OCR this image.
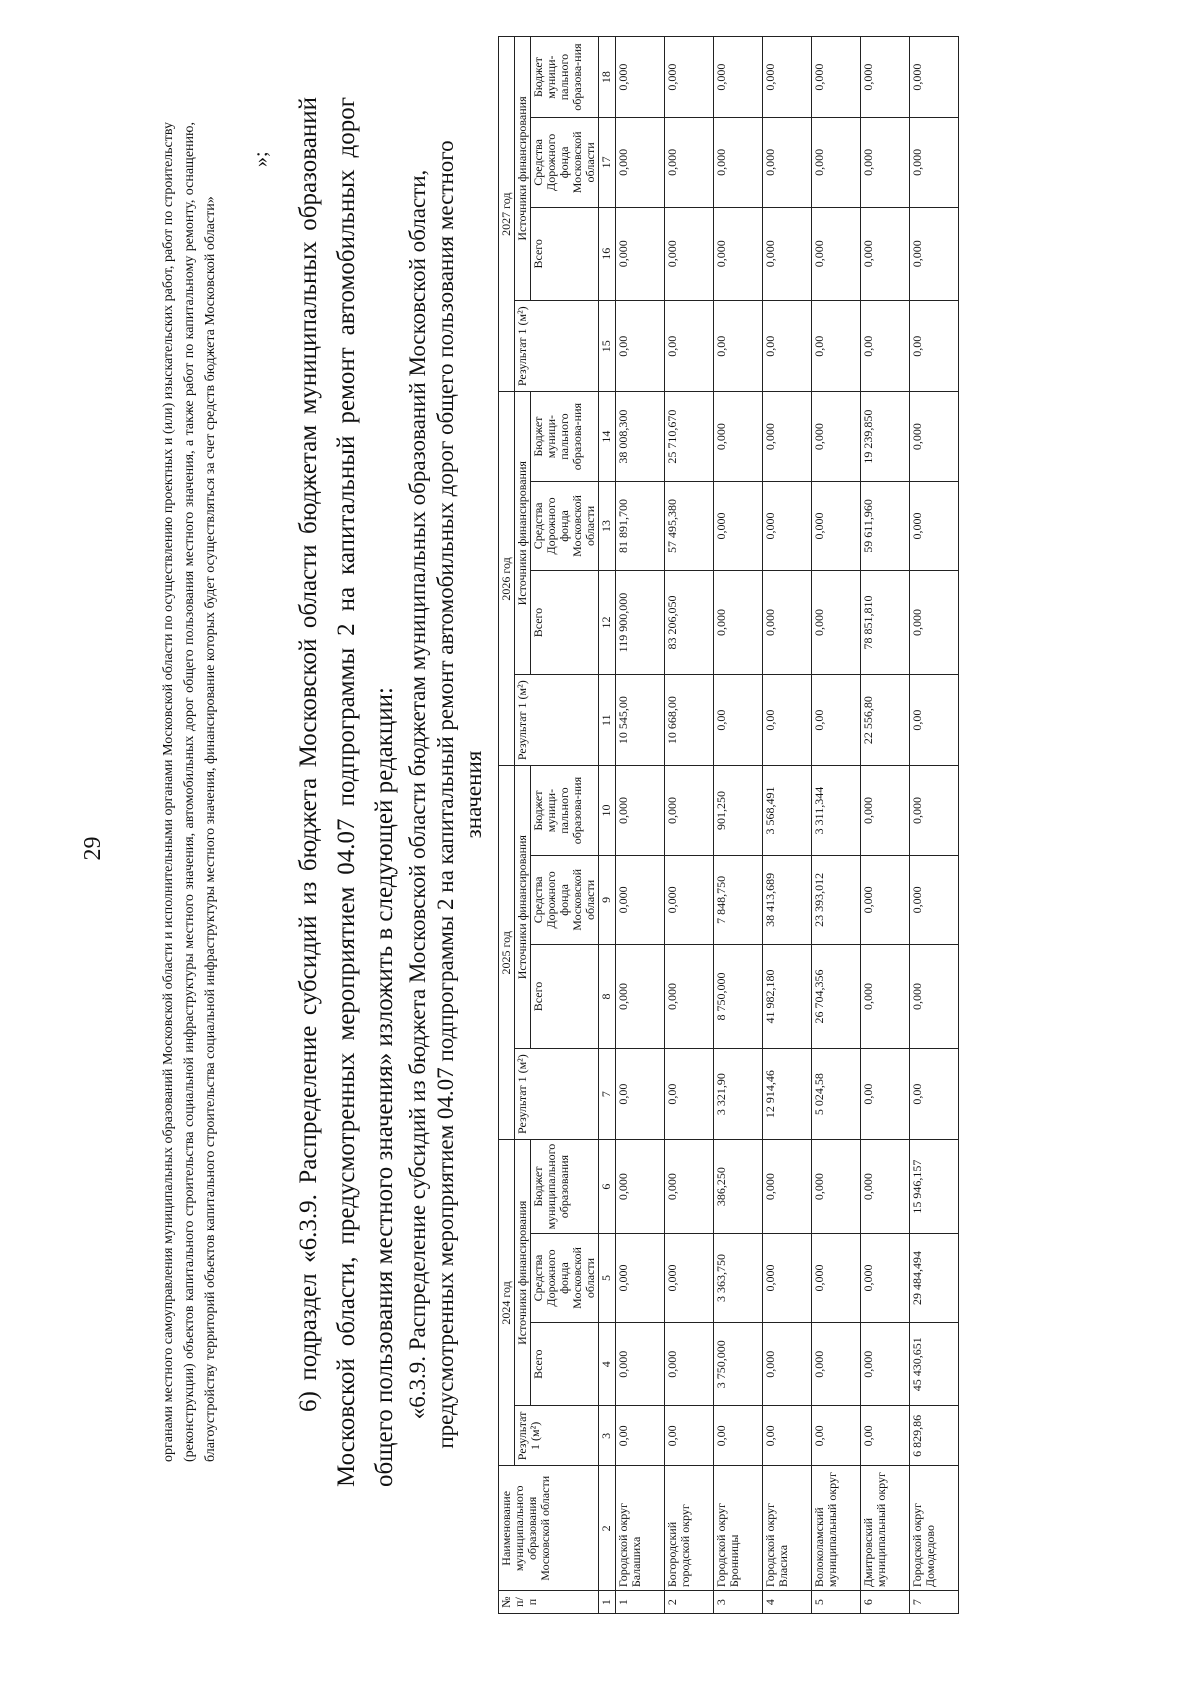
29	органами местного самоуправления муниципальных образований Московской области и исполнительными органами Московской области по осуществлению проектных и (или) изыскательских работ, работ по строительству (реконструкции) объектов капитального строительства социальной инфраструктуры местного значения, автомобильных дорог общего пользования местного значения, а также работ по капитальному ремонту, оснащению, благоустройству территорий объектов капитального строительства социальной инфраструктуры местного значения, финансирование которых будет осуществляться за счет средств бюджета Московской области»
»; 6) подраздел «6.3.9. Распределение субсидий из бюджета Московской области бюджетам муниципальных образований Московской области, предусмотренных мероприятием 04.07 подпрограммы 2 на капитальный ремонт автомобильных дорог общего пользования местного значения» изложить в следующей редакции: «6.3.9. Распределение субсидий из бюджета Московской области бюджетам муниципальных образований Московской области, предусмотренных мероприятием 04.07 подпрограммы 2 на капитальный ремонт автомобильных дорог общего пользования местного значения
№ п/п	Наименование муниципального образования Московской области	2024 год				2025 год				2026 год				2027 год			
		Результат 1 (м²)	Источники финансирования			Результат 1 (м²)	Источники финансирования			Результат 1 (м²)	Источники финансирования			Результат 1 (м²)	Источники финансирования		
			Всего	Средства Дорожного фонда Московской области	Бюджет муниципального образования		Всего	Средства Дорожного фонда Московской области	Бюджет муници-пального образова-ния		Всего	Средства Дорожного фонда Московской области	Бюджет муници-пального образова-ния		Всего	Средства Дорожного фонда Московской области	Бюджет муници-пального образова-ния
1	2	3	4	5	6	7	8	9	10	11	12	13	14	15	16	17	18
1	Городской округ Балашиха	0,00	0,000	0,000	0,000	0,00	0,000	0,000	0,000	10 545,00	119 900,000	81 891,700	38 008,300	0,00	0,000	0,000	0,000
2	Богородский городской округ	0,00	0,000	0,000	0,000	0,00	0,000	0,000	0,000	10 668,00	83 206,050	57 495,380	25 710,670	0,00	0,000	0,000	0,000
3	Городской округ Бронницы	0,00	3 750,000	3 363,750	386,250	3 321,90	8 750,000	7 848,750	901,250	0,00	0,000	0,000	0,000	0,00	0,000	0,000	0,000
4	Городской округ Власиха	0,00	0,000	0,000	0,000	12 914,46	41 982,180	38 413,689	3 568,491	0,00	0,000	0,000	0,000	0,00	0,000	0,000	0,000
5	Волоколамский муниципальный округ	0,00	0,000	0,000	0,000	5 024,58	26 704,356	23 393,012	3 311,344	0,00	0,000	0,000	0,000	0,00	0,000	0,000	0,000
6	Дмитровский муниципальный округ	0,00	0,000	0,000	0,000	0,00	0,000	0,000	0,000	22 556,80	78 851,810	59 611,960	19 239,850	0,00	0,000	0,000	0,000
7	Городской округ Домодедово	6 829,86	45 430,651	29 484,494	15 946,157	0,00	0,000	0,000	0,000	0,00	0,000	0,000	0,000	0,00	0,000	0,000	0,000
